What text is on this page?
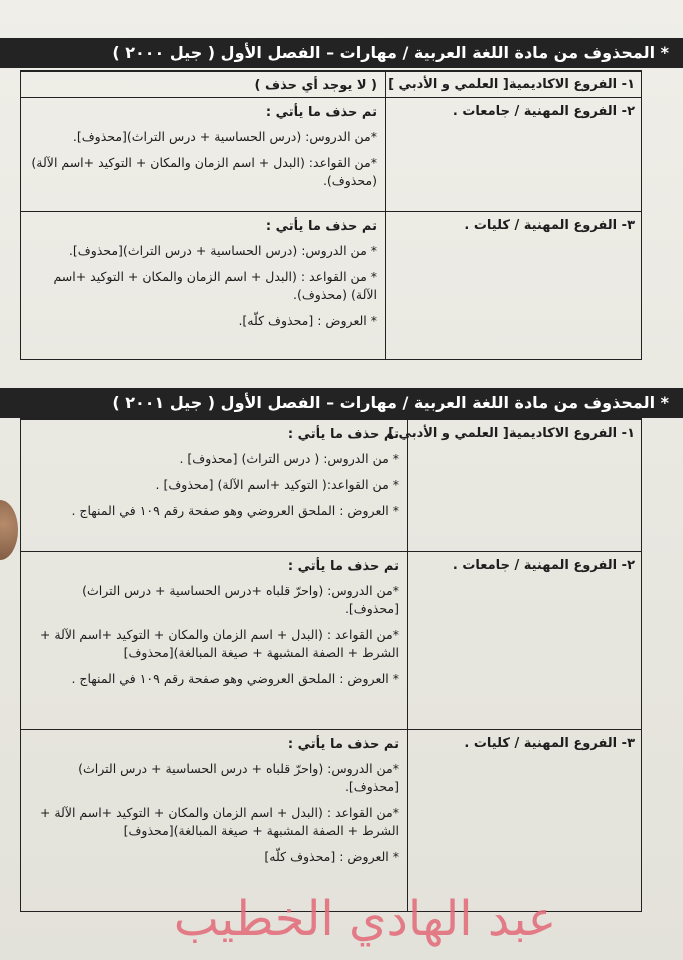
* المحذوف من مادة اللغة العربية / مهارات – الفصل الأول ( جيل ٢٠٠٠ )
١- الفروع الاكاديمية[ العلمي و الأدبي ]
( لا يوجد أي حذف )
٢- الفروع المهنية / جامعات .
تم حذف ما يأتي :

*من الدروس: (درس الحساسية + درس التراث)[محذوف].

*من القواعد: (البدل + اسم الزمان والمكان + التوكيد +اسم الآلة) (محذوف).

٣- الفروع المهنية / كليات .
تم حذف ما يأتي :

* من الدروس: (درس الحساسية + درس التراث)[محذوف].

* من القواعد : (البدل + اسم الزمان والمكان + التوكيد +اسم الآلة) (محذوف).

* العروض : [محذوف كلّه].

* المحذوف من مادة اللغة العربية / مهارات – الفصل الأول ( جيل ٢٠٠١ )
١- الفروع الاكاديمية[ العلمي و الأدبي ]
تم حذف ما يأتي :

* من الدروس: ( درس التراث) [محذوف] .

* من القواعد:( التوكيد +اسم الآلة) [محذوف] .

* العروض : الملحق العروضي وهو صفحة رقم ١٠٩ في المنهاج .

٢- الفروع المهنية / جامعات .
تم حذف ما يأتي :

*من الدروس: (واحرّ قلباه +درس الحساسية + درس التراث)[محذوف].

*من القواعد : (البدل + اسم الزمان والمكان + التوكيد +اسم الآلة + الشرط + الصفة المشبهة + صيغة المبالغة)[محذوف]

* العروض : الملحق العروضي وهو صفحة رقم ١٠٩ في المنهاج .

٣- الفروع المهنية / كليات .
تم حذف ما يأتي :

*من الدروس: (واحرّ قلباه + درس الحساسية + درس التراث)[محذوف].

*من القواعد : (البدل + اسم الزمان والمكان + التوكيد +اسم الآلة + الشرط + الصفة المشبهة + صيغة المبالغة)[محذوف]

* العروض : [محذوف كلّه]

عبد الهادي الخطيب
